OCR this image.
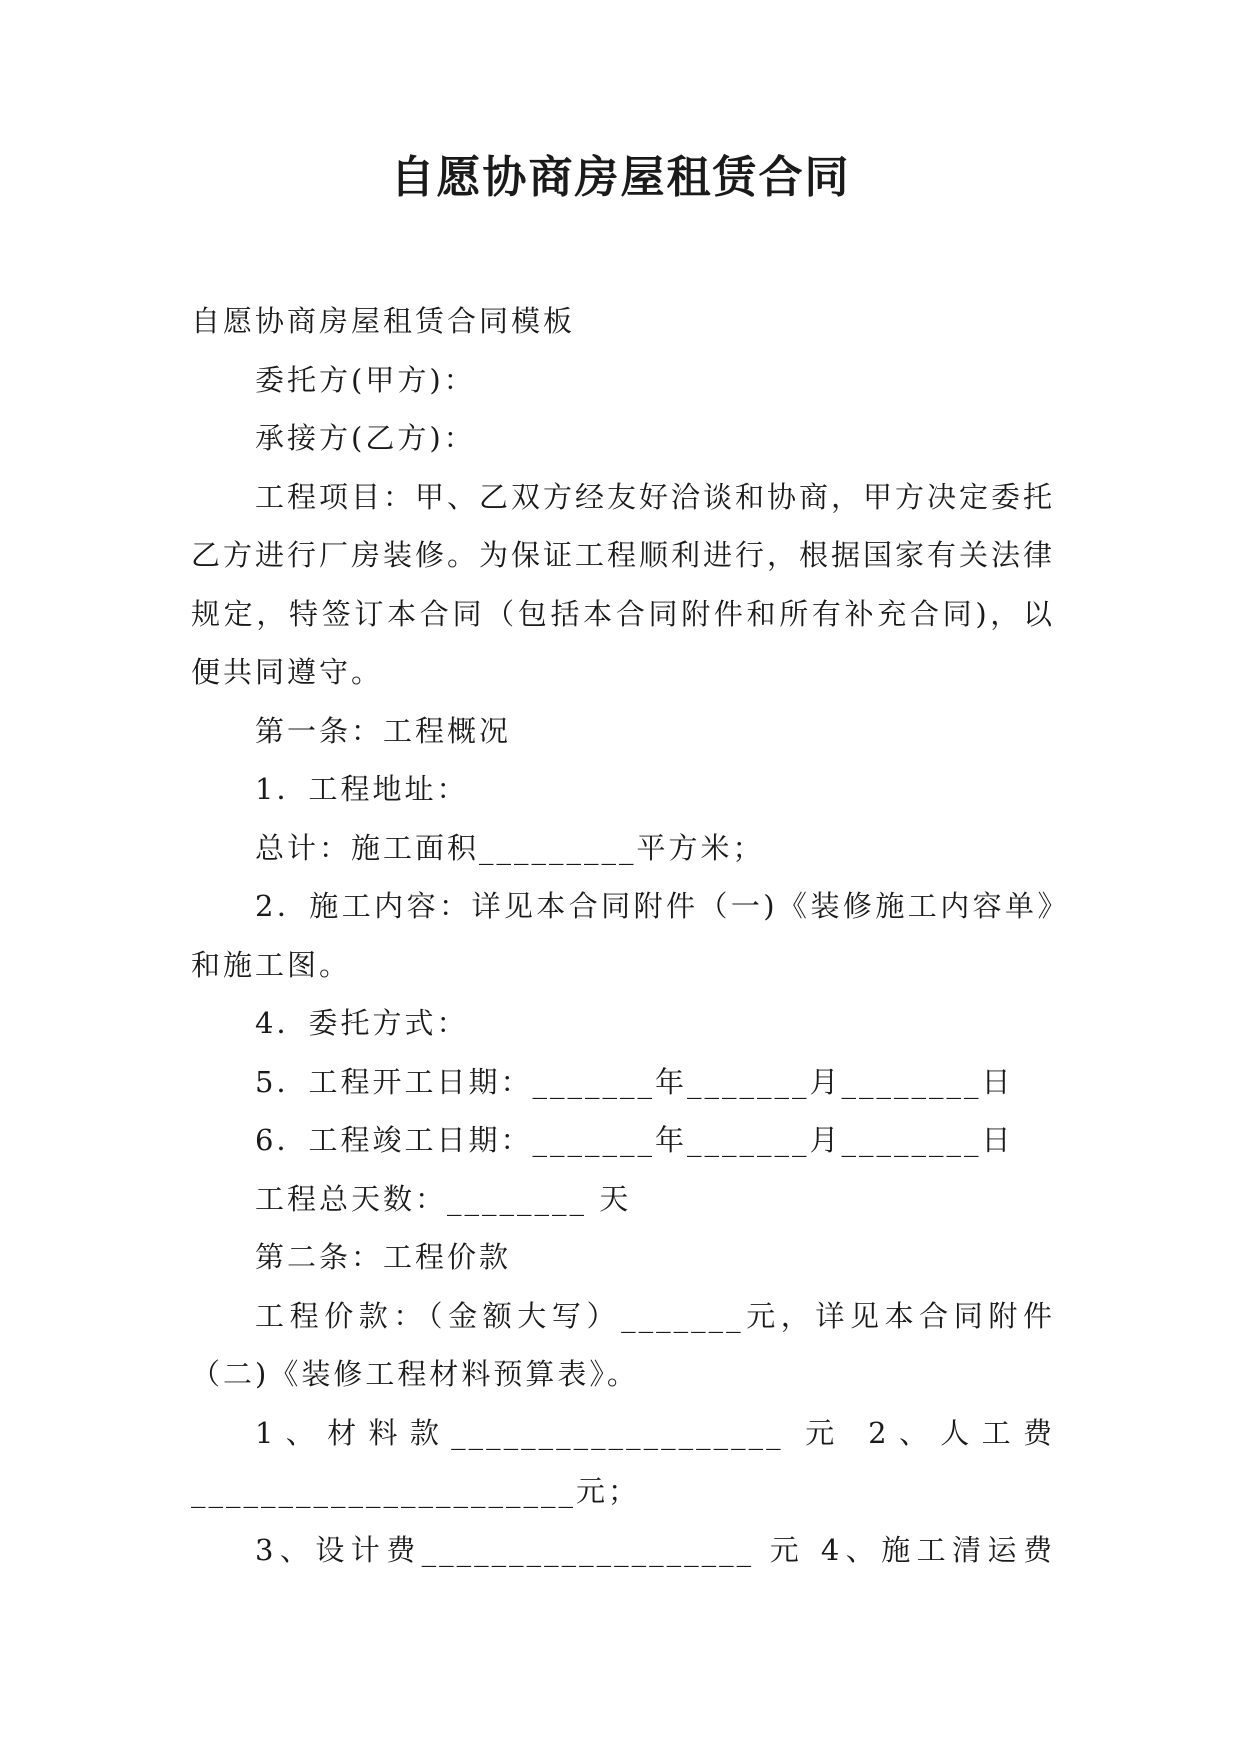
自愿协商房屋租赁合同
自愿协商房屋租赁合同模板
委托方(甲方)：
承接方(乙方)：
工程项目：甲、乙双方经友好洽谈和协商，甲方决定委托乙方进行厂房装修。为保证工程顺利进行，根据国家有关法律规定，特签订本合同（包括本合同附件和所有补充合同)，以便共同遵守。
第一条：工程概况
1．工程地址：
总计：施工面积_________平方米；
2．施工内容：详见本合同附件（一)《装修施工内容单》和施工图。
4．委托方式：
5．工程开工日期：_______年_______月________日
6．工程竣工日期：_______年_______月________日
工程总天数：________ 天
第二条：工程价款
工程价款：（金额大写）_______元，详见本合同附件（二)《装修工程材料预算表》。
1、材料款___________________ 元 2、人工费
______________________元；
3、设计费___________________ 元 4、施工清运费
